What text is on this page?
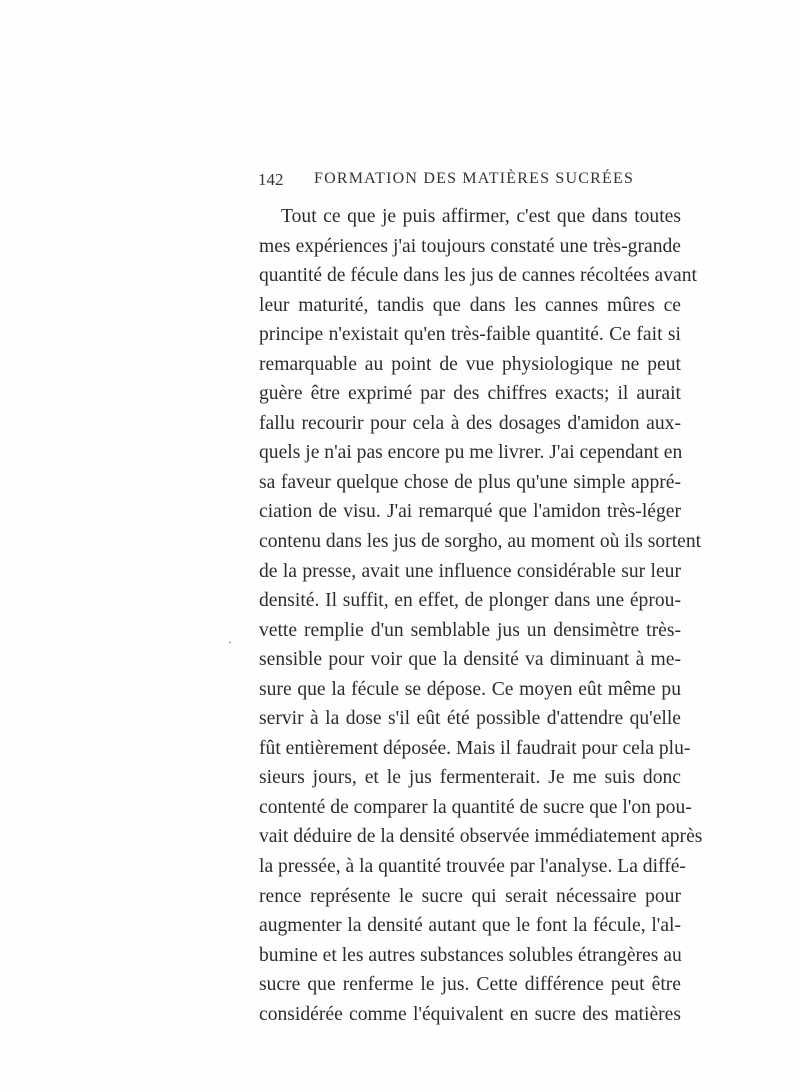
142 FORMATION DES MATIÈRES SUCRÉES
Tout ce que je puis affirmer, c'est que dans toutes
mes expériences j'ai toujours constaté une très-grande
quantité de fécule dans les jus de cannes récoltées avant
leur maturité, tandis que dans les cannes mûres ce
principe n'existait qu'en très-faible quantité. Ce fait si
remarquable au point de vue physiologique ne peut
guère être exprimé par des chiffres exacts; il aurait
fallu recourir pour cela à des dosages d'amidon aux-
quels je n'ai pas encore pu me livrer. J'ai cependant en
sa faveur quelque chose de plus qu'une simple appré-
ciation de visu. J'ai remarqué que l'amidon très-léger
contenu dans les jus de sorgho, au moment où ils sortent
de la presse, avait une influence considérable sur leur
densité. Il suffit, en effet, de plonger dans une éprou-
vette remplie d'un semblable jus un densimètre très-
sensible pour voir que la densité va diminuant à me-
sure que la fécule se dépose. Ce moyen eût même pu
servir à la dose s'il eût été possible d'attendre qu'elle
fût entièrement déposée. Mais il faudrait pour cela plu-
sieurs jours, et le jus fermenterait. Je me suis donc
contenté de comparer la quantité de sucre que l'on pou-
vait déduire de la densité observée immédiatement après
la pressée, à la quantité trouvée par l'analyse. La diffé-
rence représente le sucre qui serait nécessaire pour
augmenter la densité autant que le font la fécule, l'al-
bumine et les autres substances solubles étrangères au
sucre que renferme le jus. Cette différence peut être
considérée comme l'équivalent en sucre des matières
ˏ
